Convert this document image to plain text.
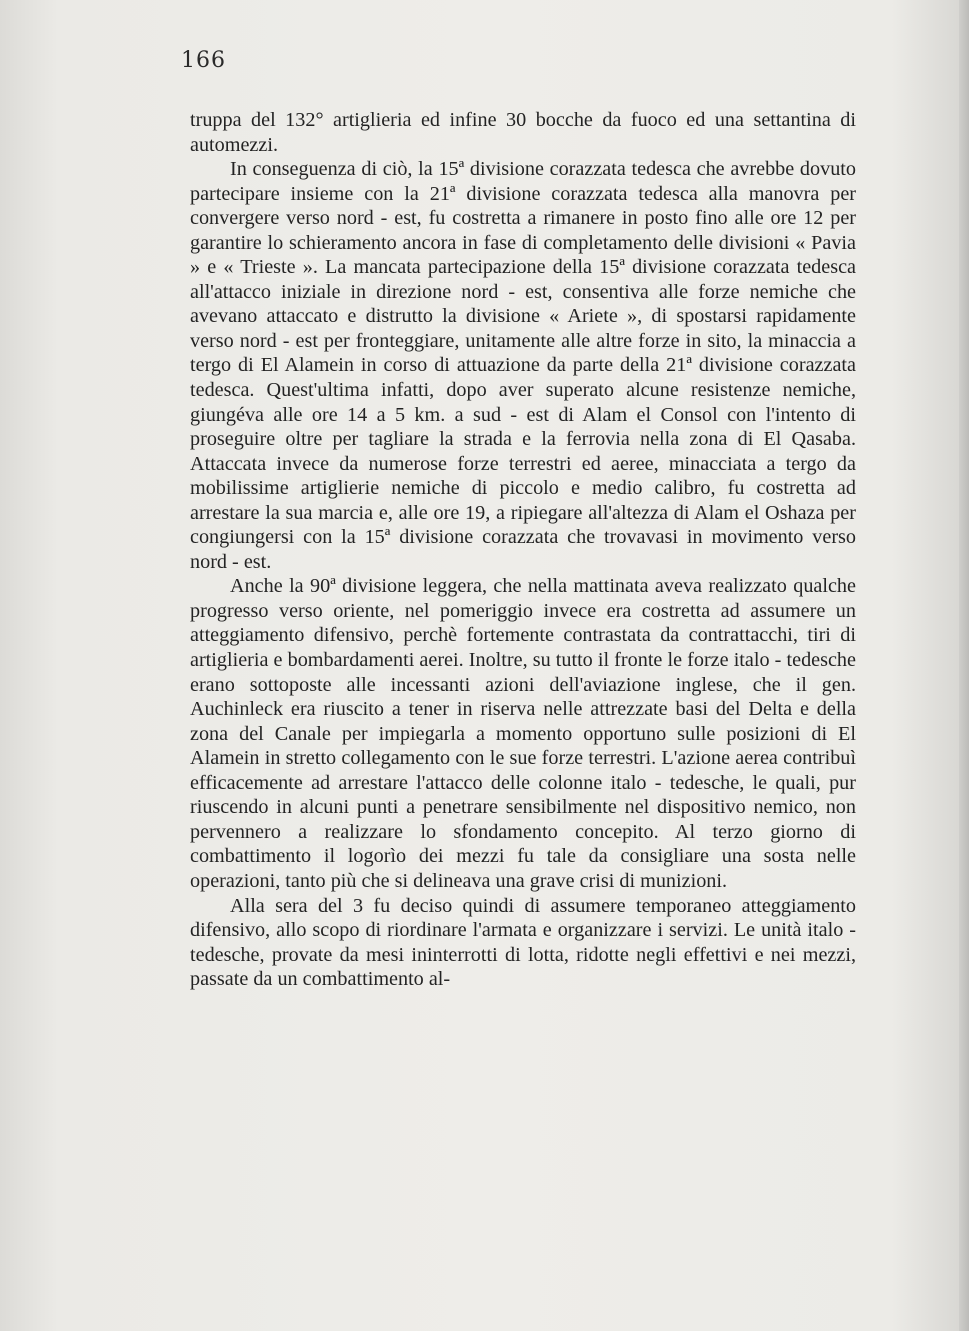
166

truppa del 132° artiglieria ed infine 30 bocche da fuoco ed una settantina di automezzi.

In conseguenza di ciò, la 15ª divisione corazzata tedesca che avrebbe dovuto partecipare insieme con la 21ª divisione corazzata tedesca alla manovra per convergere verso nord - est, fu costretta a rimanere in posto fino alle ore 12 per garantire lo schieramento ancora in fase di completamento delle divisioni « Pavia » e « Trieste ». La mancata partecipazione della 15ª divisione corazzata tedesca all'attacco iniziale in direzione nord - est, consentiva alle forze nemiche che avevano attaccato e distrutto la divisione « Ariete », di spostarsi rapidamente verso nord - est per fronteggiare, unitamente alle altre forze in sito, la minaccia a tergo di El Alamein in corso di attuazione da parte della 21ª divisione corazzata tedesca. Quest'ultima infatti, dopo aver superato alcune resistenze nemiche, giungéva alle ore 14 a 5 km. a sud - est di Alam el Consol con l'intento di proseguire oltre per tagliare la strada e la ferrovia nella zona di El Qasaba. Attaccata invece da numerose forze terrestri ed aeree, minacciata a tergo da mobilissime artiglierie nemiche di piccolo e medio calibro, fu costretta ad arrestare la sua marcia e, alle ore 19, a ripiegare all'altezza di Alam el Oshaza per congiungersi con la 15ª divisione corazzata che trovavasi in movimento verso nord - est.

Anche la 90ª divisione leggera, che nella mattinata aveva realizzato qualche progresso verso oriente, nel pomeriggio invece era costretta ad assumere un atteggiamento difensivo, perchè fortemente contrastata da contrattacchi, tiri di artiglieria e bombardamenti aerei. Inoltre, su tutto il fronte le forze italo - tedesche erano sottoposte alle incessanti azioni dell'aviazione inglese, che il gen. Auchinleck era riuscito a tener in riserva nelle attrezzate basi del Delta e della zona del Canale per impiegarla a momento opportuno sulle posizioni di El Alamein in stretto collegamento con le sue forze terrestri. L'azione aerea contribuì efficacemente ad arrestare l'attacco delle colonne italo - tedesche, le quali, pur riuscendo in alcuni punti a penetrare sensibilmente nel dispositivo nemico, non pervennero a realizzare lo sfondamento concepito. Al terzo giorno di combattimento il logorìo dei mezzi fu tale da consigliare una sosta nelle operazioni, tanto più che si delineava una grave crisi di munizioni.

Alla sera del 3 fu deciso quindi di assumere temporaneo atteggiamento difensivo, allo scopo di riordinare l'armata e organizzare i servizi. Le unità italo - tedesche, provate da mesi ininterrotti di lotta, ridotte negli effettivi e nei mezzi, passate da un combattimento al-
